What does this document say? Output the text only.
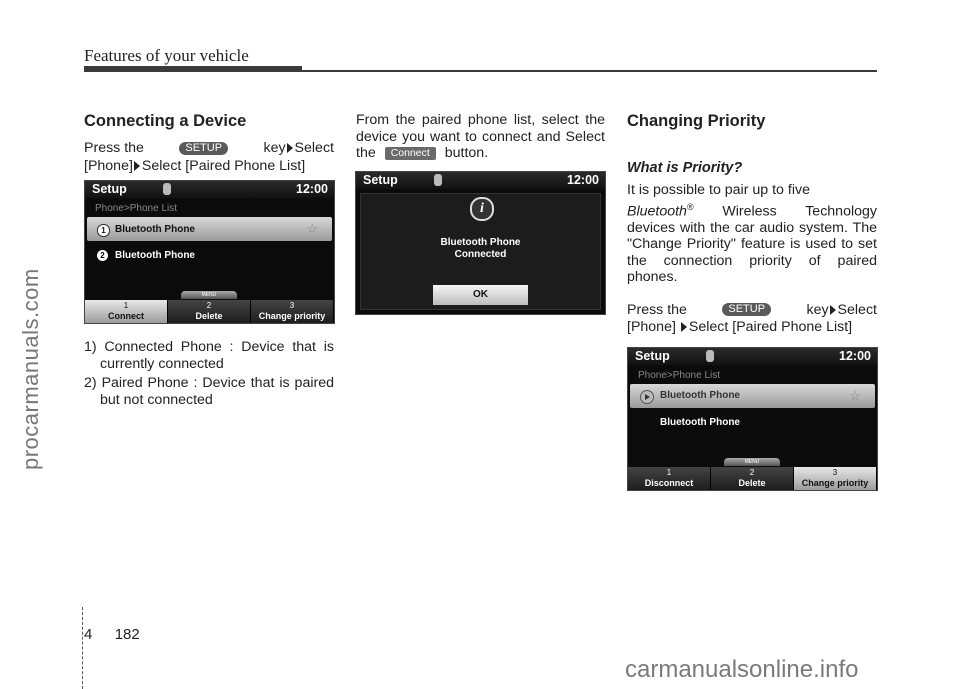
Features of your vehicle
procarmanuals.com
Connecting a Device
Press the	SETUP	key Select
[Phone] Select [Paired Phone List]
Setup	12:00
Phone>Phone List
1 Bluetooth Phone	☆
2	Bluetooth Phone
MENU
1
Connect
2
Delete
3
Change priority
1) Connected Phone : Device that is currently connected
2) Paired Phone : Device that is paired but not connected
From the paired phone list, select the device you want to connect and Select the Connect button.
Setup	12:00
i
Bluetooth Phone
Connected
OK
Changing Priority
What is Priority?
It is possible to pair up to five
Bluetooth® Wireless Technology devices with the car audio system. The "Change Priority" feature is used to set the connection priority of paired phones.
Press the	SETUP	key Select
[Phone] Select [Paired Phone List]
Setup	12:00
Phone>Phone List
Bluetooth Phone	☆
Bluetooth Phone
MENU
1
Disconnect
2
Delete
3
Change priority
4 182
carmanualsonline.info
